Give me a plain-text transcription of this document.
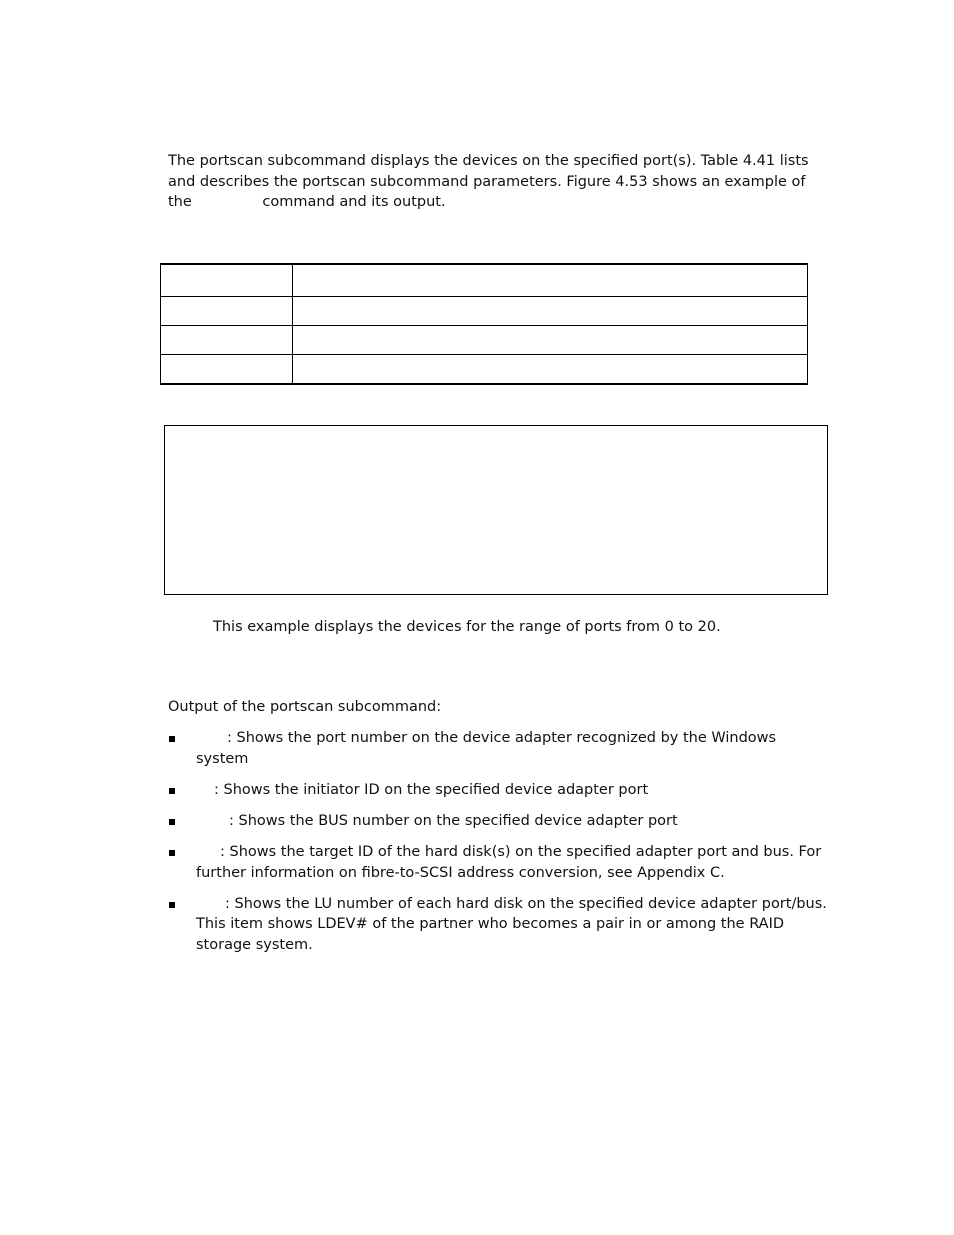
The portscan subcommand displays the devices on the specified port(s). Table 4.41 lists and describes the portscan subcommand parameters. Figure 4.53 shows an example of the	command and its output.

This example displays the devices for the range of ports from 0 to 20.

Output of the portscan subcommand:

: Shows the port number on the device adapter recognized by the Windows system
: Shows the initiator ID on the specified device adapter port
: Shows the BUS number on the specified device adapter port
: Shows the target ID of the hard disk(s) on the specified adapter port and bus. For further information on fibre-to-SCSI address conversion, see Appendix C.
: Shows the LU number of each hard disk on the specified device adapter port/bus. This item shows LDEV# of the partner who becomes a pair in or among the RAID storage system.
